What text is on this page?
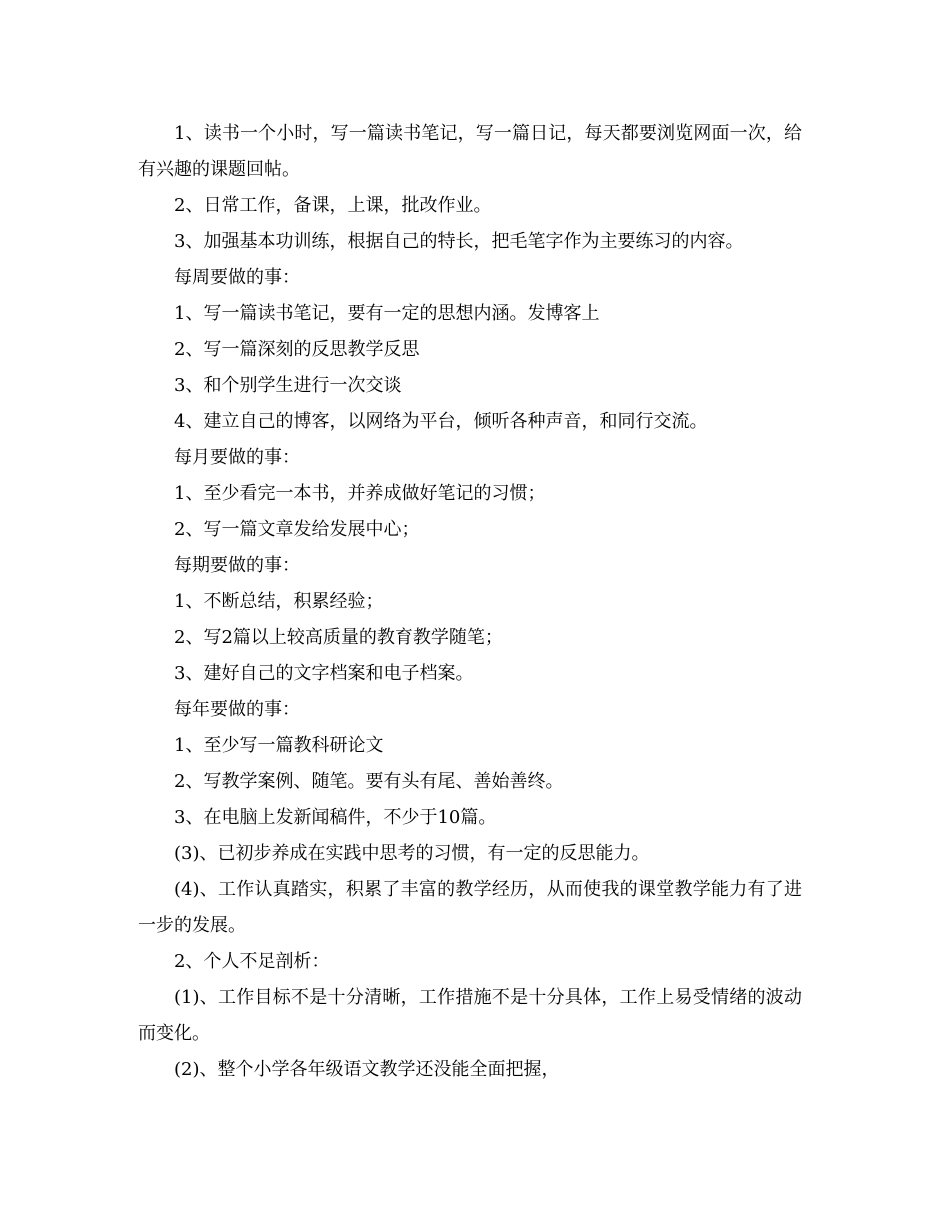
1、读书一个小时，写一篇读书笔记，写一篇日记，每天都要浏览网面一次，给有兴趣的课题回帖。

2、日常工作，备课，上课，批改作业。

3、加强基本功训练，根据自己的特长，把毛笔字作为主要练习的内容。

每周要做的事：

1、写一篇读书笔记，要有一定的思想内涵。发博客上

2、写一篇深刻的反思教学反思

3、和个别学生进行一次交谈

4、建立自己的博客，以网络为平台，倾听各种声音，和同行交流。

每月要做的事：

1、至少看完一本书，并养成做好笔记的习惯；

2、写一篇文章发给发展中心；

每期要做的事：

1、不断总结，积累经验；

2、写2篇以上较高质量的教育教学随笔；

3、建好自己的文字档案和电子档案。

每年要做的事：

1、至少写一篇教科研论文

2、写教学案例、随笔。要有头有尾、善始善终。

3、在电脑上发新闻稿件，不少于10篇。

(3)、已初步养成在实践中思考的习惯，有一定的反思能力。

(4)、工作认真踏实，积累了丰富的教学经历，从而使我的课堂教学能力有了进一步的发展。

2、个人不足剖析：

(1)、工作目标不是十分清晰，工作措施不是十分具体，工作上易受情绪的波动而变化。

(2)、整个小学各年级语文教学还没能全面把握，
